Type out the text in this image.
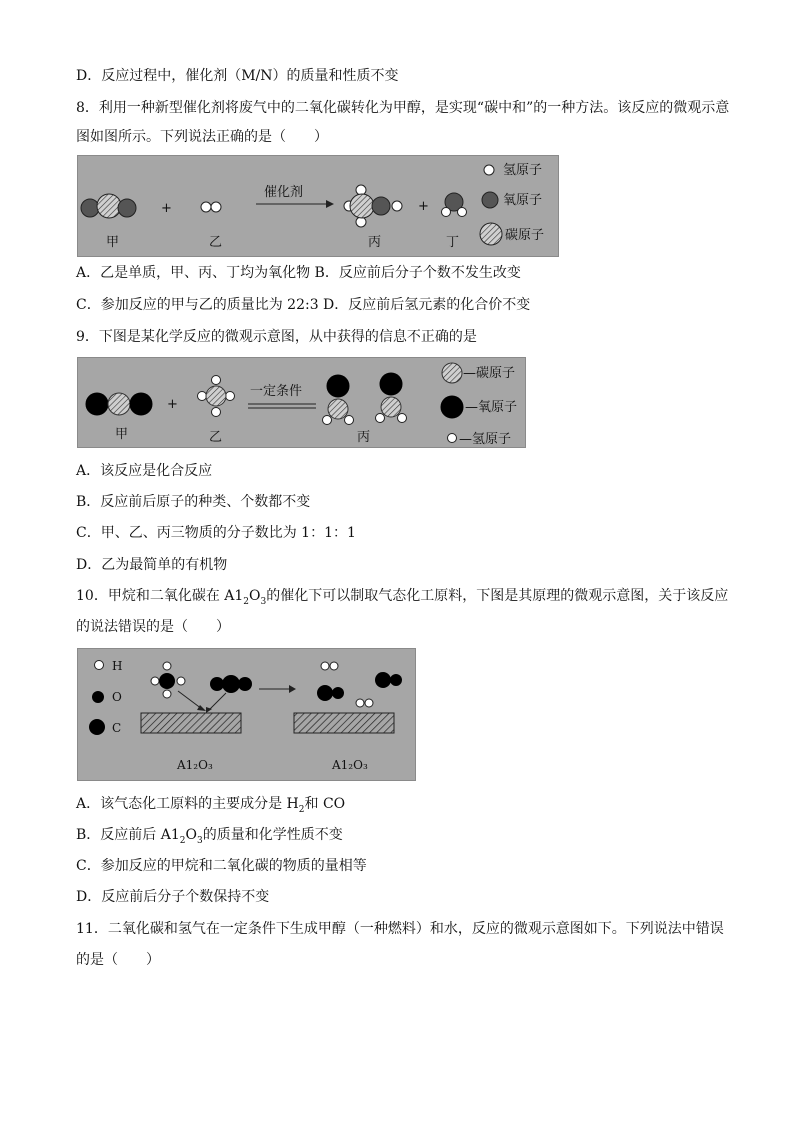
D．反应过程中，催化剂（M/N）的质量和性质不变
8．利用一种新型催化剂将废气中的二氧化碳转化为甲醇，是实现“碳中和”的一种方法。该反应的微观示意
图如图所示。下列说法正确的是（　　）
+
催化剂
+
甲	乙	丙	丁
氢原子
氧原子
碳原子
A．乙是单质，甲、丙、丁均为氧化物 B．反应前后分子个数不发生改变
C．参加反应的甲与乙的质量比为 22:3 D．反应前后氢元素的化合价不变
9．下图是某化学反应的微观示意图，从中获得的信息不正确的是
+
一定条件
甲	乙	丙
—碳原子
—氧原子
—氢原子
A．该反应是化合反应
B．反应前后原子的种类、个数都不变
C．甲、乙、丙三物质的分子数比为 1：1：1
D．乙为最简单的有机物
10．甲烷和二氧化碳在 $A1_2O_3$的催化下可以制取气态化工原料，下图是其原理的微观示意图，关于该反应
的说法错误的是（　　）
H
O
C
A1₂O₃	A1₂O₃
A．该气态化工原料的主要成分是 $H_2$和 CO
B．反应前后 $A1_2O_3$的质量和化学性质不变
C．参加反应的甲烷和二氧化碳的物质的量相等
D．反应前后分子个数保持不变
11．二氧化碳和氢气在一定条件下生成甲醇（一种燃料）和水，反应的微观示意图如下。下列说法中错误
的是（　　）
